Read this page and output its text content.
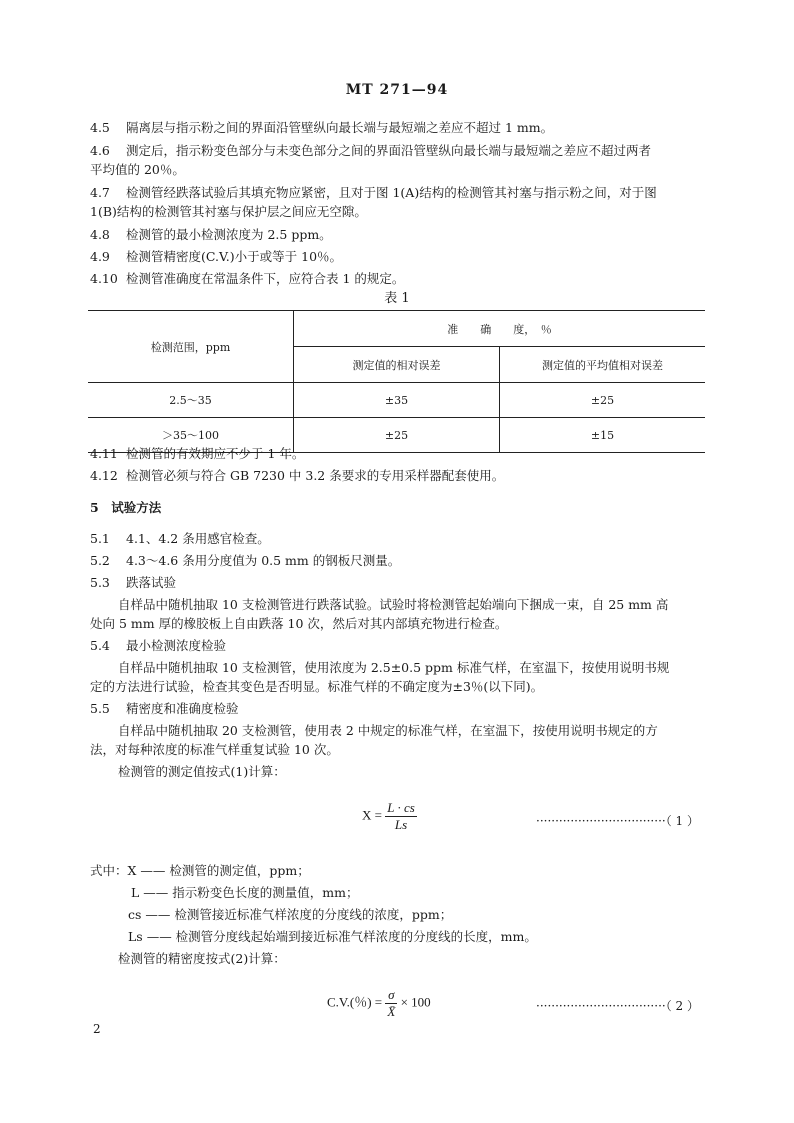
MT 271—94
4.5 隔离层与指示粉之间的界面沿管壁纵向最长端与最短端之差应不超过 1 mm。
4.6 测定后，指示粉变色部分与未变色部分之间的界面沿管壁纵向最长端与最短端之差应不超过两者
平均值的 20％。
4.7 检测管经跌落试验后其填充物应紧密，且对于图 1(A)结构的检测管其衬塞与指示粉之间，对于图
1(B)结构的检测管其衬塞与保护层之间应无空隙。
4.8 检测管的最小检测浓度为 2.5 ppm。
4.9 检测管精密度(C.V.)小于或等于 10％。
4.10 检测管准确度在常温条件下，应符合表 1 的规定。
表 1
检测范围，ppm	准　　确　　度，　％	
	测定值的相对误差	测定值的平均值相对误差
2.5～35	±35	±25
＞35～100	±25	±15
4.11 检测管的有效期应不少于 1 年。
4.12 检测管必须与符合 GB 7230 中 3.2 条要求的专用采样器配套使用。
5　试验方法
5.1 4.1、4.2 条用感官检查。
5.2 4.3～4.6 条用分度值为 0.5 mm 的钢板尺测量。
5.3 跌落试验
自样品中随机抽取 10 支检测管进行跌落试验。试验时将检测管起始端向下捆成一束，自 25 mm 高
处向 5 mm 厚的橡胶板上自由跌落 10 次，然后对其内部填充物进行检查。
5.4 最小检测浓度检验
自样品中随机抽取 10 支检测管，使用浓度为 2.5±0.5 ppm 标准气样，在室温下，按使用说明书规
定的方法进行试验，检查其变色是否明显。标准气样的不确定度为±3％(以下同)。
5.5 精密度和准确度检验
自样品中随机抽取 20 支检测管，使用表 2 中规定的标准气样，在室温下，按使用说明书规定的方
法，对每种浓度的标准气样重复试验 10 次。
检测管的测定值按式(1)计算：
$X = \frac{L \cdot cs}{Ls}$	··································（ 1 ）
式中：X —— 检测管的测定值，ppm；
L —— 指示粉变色长度的测量值，mm；
cs —— 检测管接近标准气样浓度的分度线的浓度，ppm；
Ls —— 检测管分度线起始端到接近标准气样浓度的分度线的长度，mm。
检测管的精密度按式(2)计算：
C.V.(％) = $\frac{\sigma}{X̄} \times 100$	··································（ 2 ）
2
